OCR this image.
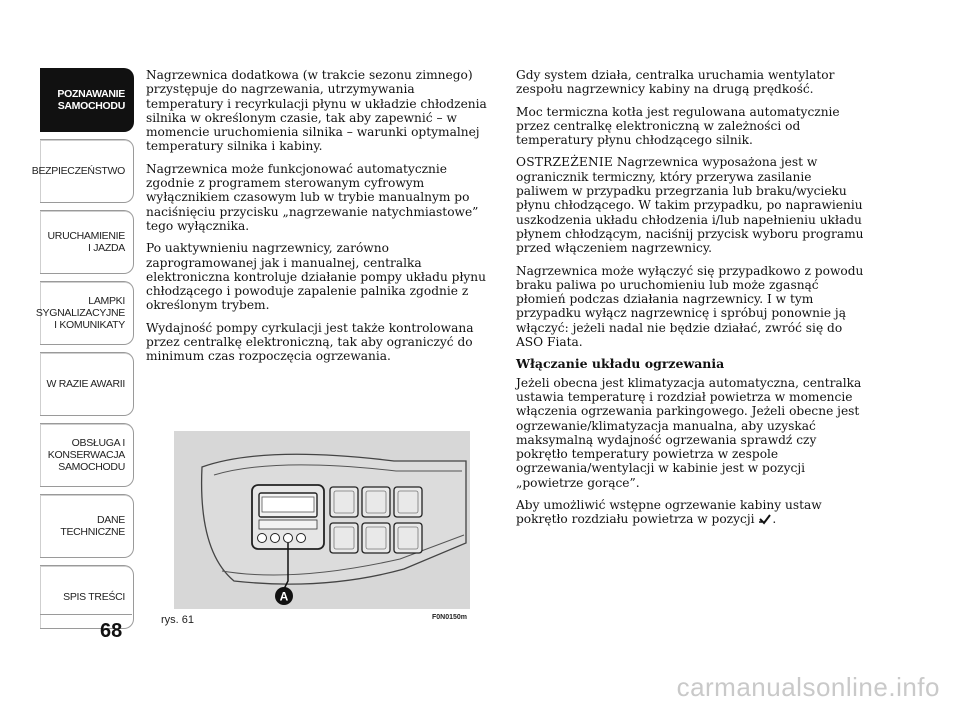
POZNAWANIE
SAMOCHODU
BEZPIECZEŃSTWO
URUCHAMIENIE
I JAZDA
LAMPKI
SYGNALIZACYJNE
I KOMUNIKATY
W RAZIE AWARII
OBSŁUGA I
KONSERWACJA
SAMOCHODU
DANE TECHNICZNE
SPIS TREŚCI
68

Nagrzewnica dodatkowa (w trakcie sezonu zimnego) przystępuje do nagrzewania, utrzymywania temperatury i recyrkulacji płynu w układzie chłodzenia silnika w określonym czasie, tak aby zapewnić – w momencie uruchomienia silnika – warunki optymalnej temperatury silnika i kabiny.

Nagrzewnica może funkcjonować automatycznie zgodnie z programem sterowanym cyfrowym wyłącznikiem czasowym lub w trybie manualnym po naciśnięciu przycisku „nagrzewanie natychmiastowe” tego wyłącznika.

Po uaktywnieniu nagrzewnicy, zarówno zaprogramowanej jak i manualnej, centralka elektroniczna kontroluje działanie pompy układu płynu chłodzącego i powoduje zapalenie palnika zgodnie z określonym trybem.

Wydajność pompy cyrkulacji jest także kontrolowana przez centralkę elektroniczną, tak aby ograniczyć do minimum czas rozpoczęcia ogrzewania.

Gdy system działa, centralka uruchamia wentylator zespołu nagrzewnicy kabiny na drugą prędkość.

Moc termiczna kotła jest regulowana automatycznie przez centralkę elektroniczną w zależności od temperatury płynu chłodzącego silnik.

OSTRZEŻENIE Nagrzewnica wyposażona jest w ogranicznik termiczny, który przerywa zasilanie paliwem w przypadku przegrzania lub braku/wycieku płynu chłodzącego. W takim przypadku, po naprawieniu uszkodzenia układu chłodzenia i/lub napełnieniu układu płynem chłodzącym, naciśnij przycisk wyboru programu przed włączeniem nagrzewnicy.

Nagrzewnica może wyłączyć się przypadkowo z powodu braku paliwa po uruchomieniu lub może zgasnąć płomień podczas działania nagrzewnicy. I w tym przypadku wyłącz nagrzewnicę i spróbuj ponownie ją włączyć: jeżeli nadal nie będzie działać, zwróć się do ASO Fiata.

Włączanie układu ogrzewania

Jeżeli obecna jest klimatyzacja automatyczna, centralka ustawia temperaturę i rozdział powietrza w momencie włączenia ogrzewania parkingowego. Jeżeli obecne jest ogrzewanie/klimatyzacja manualna, aby uzyskać maksymalną wydajność ogrzewania sprawdź czy pokrętło temperatury powietrza w zespole ogrzewania/wentylacji w kabinie jest w pozycji „powietrze gorące”.

Aby umożliwić wstępne ogrzewanie kabiny ustaw pokrętło rozdziału powietrza w pozycji .

A
rys. 61	F0N0150m
carmanualsonline.info
